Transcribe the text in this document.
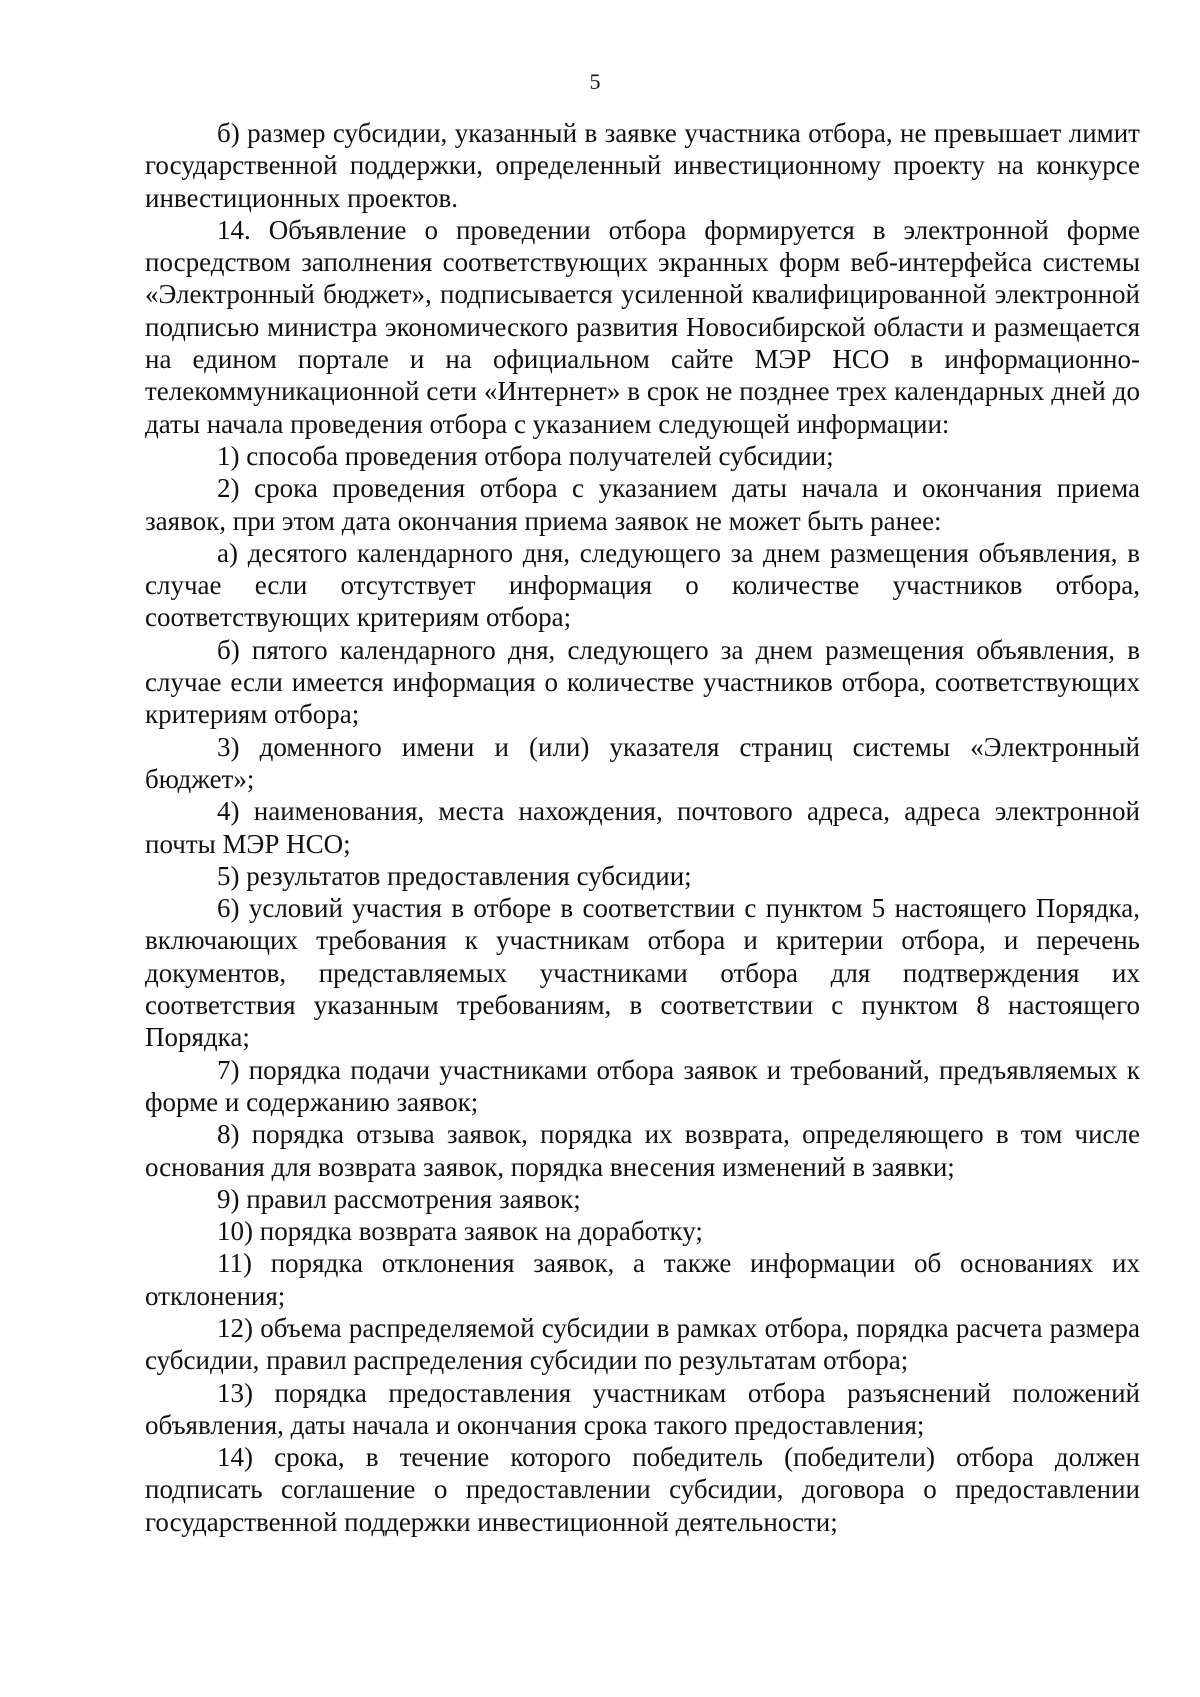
5

б) размер субсидии, указанный в заявке участника отбора, не превышает лимит государственной поддержки, определенный инвестиционному проекту на конкурсе инвестиционных проектов.

14. Объявление о проведении отбора формируется в электронной форме посредством заполнения соответствующих экранных форм веб-интерфейса системы «Электронный бюджет», подписывается усиленной квалифицированной электронной подписью министра экономического развития Новосибирской области и размещается на едином портале и на официальном сайте МЭР НСО в информационно-телекоммуникационной сети «Интернет» в срок не позднее трех календарных дней до даты начала проведения отбора с указанием следующей информации:

1) способа проведения отбора получателей субсидии;

2) срока проведения отбора с указанием даты начала и окончания приема заявок, при этом дата окончания приема заявок не может быть ранее:

а) десятого календарного дня, следующего за днем размещения объявления, в случае если отсутствует информация о количестве участников отбора, соответствующих критериям отбора;

б) пятого календарного дня, следующего за днем размещения объявления, в случае если имеется информация о количестве участников отбора, соответствующих критериям отбора;

3) доменного имени и (или) указателя страниц системы «Электронный бюджет»;

4) наименования, места нахождения, почтового адреса, адреса электронной почты МЭР НСО;

5) результатов предоставления субсидии;

6) условий участия в отборе в соответствии с пунктом 5 настоящего Порядка, включающих требования к участникам отбора и критерии отбора, и перечень документов, представляемых участниками отбора для подтверждения их соответствия указанным требованиям, в соответствии с пунктом 8 настоящего Порядка;

7) порядка подачи участниками отбора заявок и требований, предъявляемых к форме и содержанию заявок;

8) порядка отзыва заявок, порядка их возврата, определяющего в том числе основания для возврата заявок, порядка внесения изменений в заявки;

9) правил рассмотрения заявок;

10) порядка возврата заявок на доработку;

11) порядка отклонения заявок, а также информации об основаниях их отклонения;

12) объема распределяемой субсидии в рамках отбора, порядка расчета размера субсидии, правил распределения субсидии по результатам отбора;

13) порядка предоставления участникам отбора разъяснений положений объявления, даты начала и окончания срока такого предоставления;

14) срока, в течение которого победитель (победители) отбора должен подписать соглашение о предоставлении субсидии, договора о предоставлении государственной поддержки инвестиционной деятельности;
